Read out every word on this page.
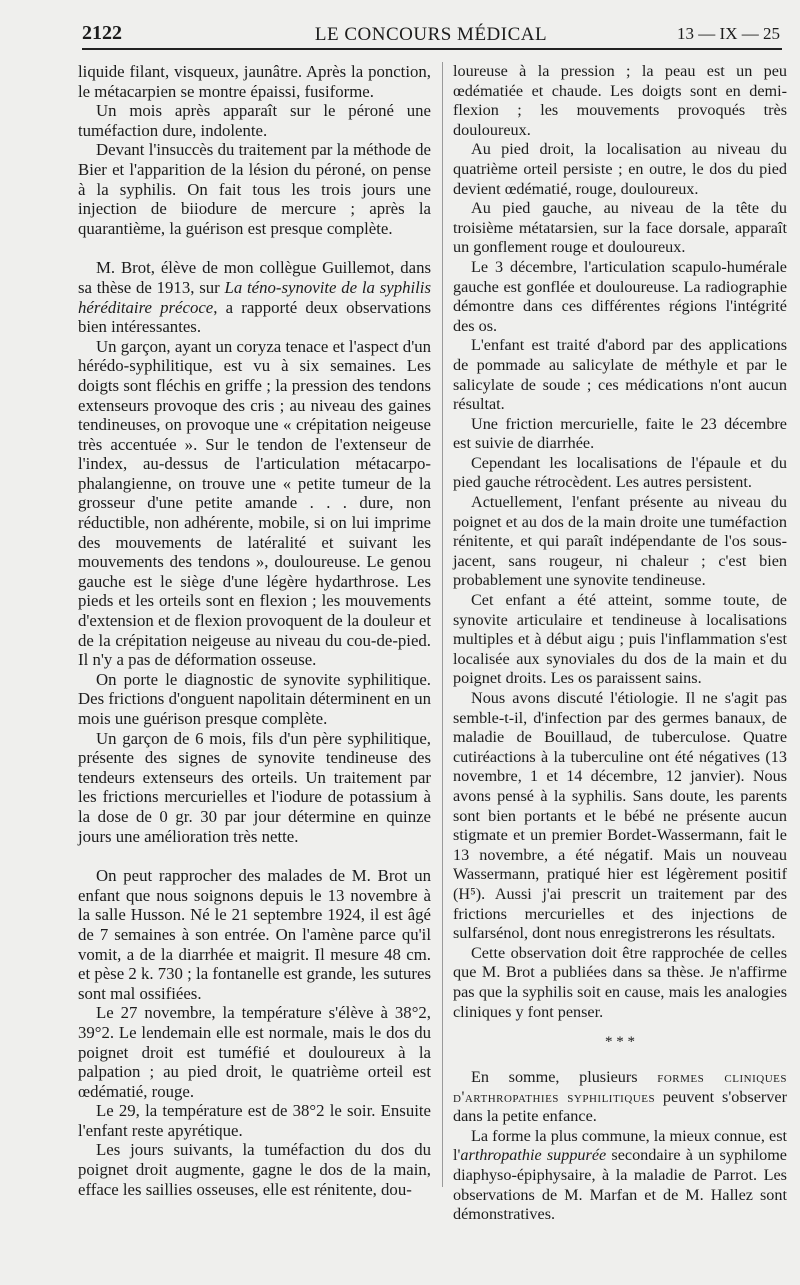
2122	LE CONCOURS MÉDICAL	13 — IX — 25

liquide filant, visqueux, jaunâtre. Après la ponction, le métacarpien se montre épaissi, fusiforme.

Un mois après apparaît sur le péroné une tuméfaction dure, indolente.

Devant l'insuccès du traitement par la méthode de Bier et l'apparition de la lésion du péroné, on pense à la syphilis. On fait tous les trois jours une injection de biiodure de mercure ; après la quarantième, la guérison est presque complète.

M. Brot, élève de mon collègue Guillemot, dans sa thèse de 1913, sur La téno-synovite de la syphilis héréditaire précoce, a rapporté deux observations bien intéressantes.

Un garçon, ayant un coryza tenace et l'aspect d'un hérédo-syphilitique, est vu à six semaines. Les doigts sont fléchis en griffe ; la pression des tendons extenseurs provoque des cris ; au niveau des gaines tendineuses, on provoque une « crépitation neigeuse très accentuée ». Sur le tendon de l'extenseur de l'index, au-dessus de l'articulation métacarpo-phalangienne, on trouve une « petite tumeur de la grosseur d'une petite amande . . . dure, non réductible, non adhérente, mobile, si on lui imprime des mouvements de latéralité et suivant les mouvements des tendons », douloureuse. Le genou gauche est le siège d'une légère hydarthrose. Les pieds et les orteils sont en flexion ; les mouvements d'extension et de flexion provoquent de la douleur et de la crépitation neigeuse au niveau du cou-de-pied. Il n'y a pas de déformation osseuse.

On porte le diagnostic de synovite syphilitique. Des frictions d'onguent napolitain déterminent en un mois une guérison presque complète.

Un garçon de 6 mois, fils d'un père syphilitique, présente des signes de synovite tendineuse des tendeurs extenseurs des orteils. Un traitement par les frictions mercurielles et l'iodure de potassium à la dose de 0 gr. 30 par jour détermine en quinze jours une amélioration très nette.

On peut rapprocher des malades de M. Brot un enfant que nous soignons depuis le 13 novembre à la salle Husson. Né le 21 septembre 1924, il est âgé de 7 semaines à son entrée. On l'amène parce qu'il vomit, a de la diarrhée et maigrit. Il mesure 48 cm. et pèse 2 k. 730 ; la fontanelle est grande, les sutures sont mal ossifiées.

Le 27 novembre, la température s'élève à 38°2, 39°2. Le lendemain elle est normale, mais le dos du poignet droit est tuméfié et douloureux à la palpation ; au pied droit, le quatrième orteil est œdématié, rouge.

Le 29, la température est de 38°2 le soir. Ensuite l'enfant reste apyrétique.

Les jours suivants, la tuméfaction du dos du poignet droit augmente, gagne le dos de la main, efface les saillies osseuses, elle est rénitente, dou-

loureuse à la pression ; la peau est un peu œdématiée et chaude. Les doigts sont en demi-flexion ; les mouvements provoqués très douloureux.

Au pied droit, la localisation au niveau du quatrième orteil persiste ; en outre, le dos du pied devient œdématié, rouge, douloureux.

Au pied gauche, au niveau de la tête du troisième métatarsien, sur la face dorsale, apparaît un gonflement rouge et douloureux.

Le 3 décembre, l'articulation scapulo-humérale gauche est gonflée et douloureuse. La radiographie démontre dans ces différentes régions l'intégrité des os.

L'enfant est traité d'abord par des applications de pommade au salicylate de méthyle et par le salicylate de soude ; ces médications n'ont aucun résultat.

Une friction mercurielle, faite le 23 décembre est suivie de diarrhée.

Cependant les localisations de l'épaule et du pied gauche rétrocèdent. Les autres persistent.

Actuellement, l'enfant présente au niveau du poignet et au dos de la main droite une tuméfaction rénitente, et qui paraît indépendante de l'os sous-jacent, sans rougeur, ni chaleur ; c'est bien probablement une synovite tendineuse.

Cet enfant a été atteint, somme toute, de synovite articulaire et tendineuse à localisations multiples et à début aigu ; puis l'inflammation s'est localisée aux synoviales du dos de la main et du poignet droits. Les os paraissent sains.

Nous avons discuté l'étiologie. Il ne s'agit pas semble-t-il, d'infection par des germes banaux, de maladie de Bouillaud, de tuberculose. Quatre cutiréactions à la tuberculine ont été négatives (13 novembre, 1 et 14 décembre, 12 janvier). Nous avons pensé à la syphilis. Sans doute, les parents sont bien portants et le bébé ne présente aucun stigmate et un premier Bordet-Wassermann, fait le 13 novembre, a été négatif. Mais un nouveau Wassermann, pratiqué hier est légèrement positif (H⁵). Aussi j'ai prescrit un traitement par des frictions mercurielles et des injections de sulfarsénol, dont nous enregistrerons les résultats.

Cette observation doit être rapprochée de celles que M. Brot a publiées dans sa thèse. Je n'affirme pas que la syphilis soit en cause, mais les analogies cliniques y font penser.

* * *

En somme, plusieurs formes cliniques d'arthropathies syphilitiques peuvent s'observer dans la petite enfance.

La forme la plus commune, la mieux connue, est l'arthropathie suppurée secondaire à un syphilome diaphyso-épiphysaire, à la maladie de Parrot. Les observations de M. Marfan et de M. Hallez sont démonstratives.
